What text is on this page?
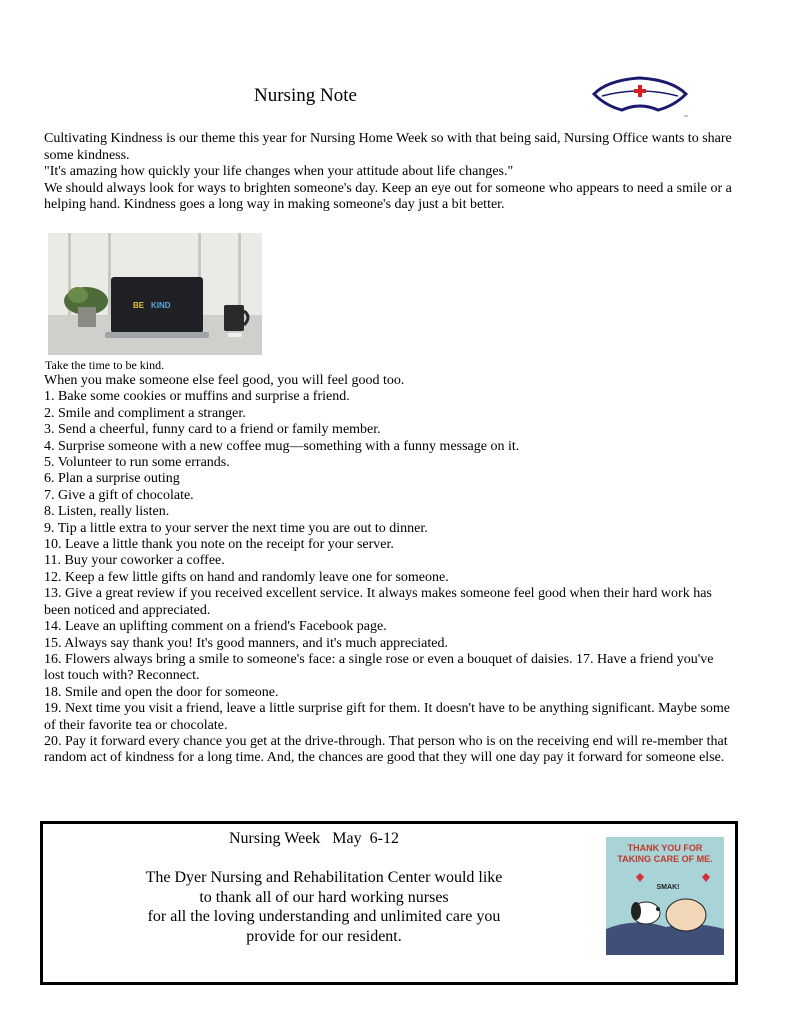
Nursing Note

Cultivating Kindness is our theme this year for Nursing Home Week so with that being said, Nursing Office wants to share some kindness.

"It's amazing how quickly your life changes when your attitude about life changes."

We should always look for ways to brighten someone's day. Keep an eye out for someone who appears to need a smile or a helping hand. Kindness goes a long way in making someone's day just a bit better.

BE KIND
Take the time to be kind.

When you make someone else feel good, you will feel good too.

1. Bake some cookies or muffins and surprise a friend.

2. Smile and compliment a stranger.

3. Send a cheerful, funny card to a friend or family member.

4. Surprise someone with a new coffee mug—something with a funny message on it.

5. Volunteer to run some errands.

6. Plan a surprise outing

7. Give a gift of chocolate.

8. Listen, really listen.

9. Tip a little extra to your server the next time you are out to dinner.

10. Leave a little thank you note on the receipt for your server.

11. Buy your coworker a coffee.

12. Keep a few little gifts on hand and randomly leave one for someone.

13. Give a great review if you received excellent service. It always makes someone feel good when their hard work has been noticed and appreciated.

14. Leave an uplifting comment on a friend's Facebook page.

15. Always say thank you! It's good manners, and it's much appreciated.

16. Flowers always bring a smile to someone's face: a single rose or even a bouquet of daisies. 17. Have a friend you've lost touch with? Reconnect.

18. Smile and open the door for someone.

19. Next time you visit a friend, leave a little surprise gift for them. It doesn't have to be anything significant. Maybe some of their favorite tea or chocolate.

20. Pay it forward every chance you get at the drive-through. That person who is on the receiving end will re-member that random act of kindness for a long time. And, the chances are good that they will one day pay it forward for someone else.

Nursing Week   May  6-12

The Dyer Nursing and Rehabilitation Center would like

to thank all of our hard working nurses

for all the loving understanding and unlimited care you

provide for our resident.

THANK YOU FOR
TAKING CARE OF ME.
SMAK!
